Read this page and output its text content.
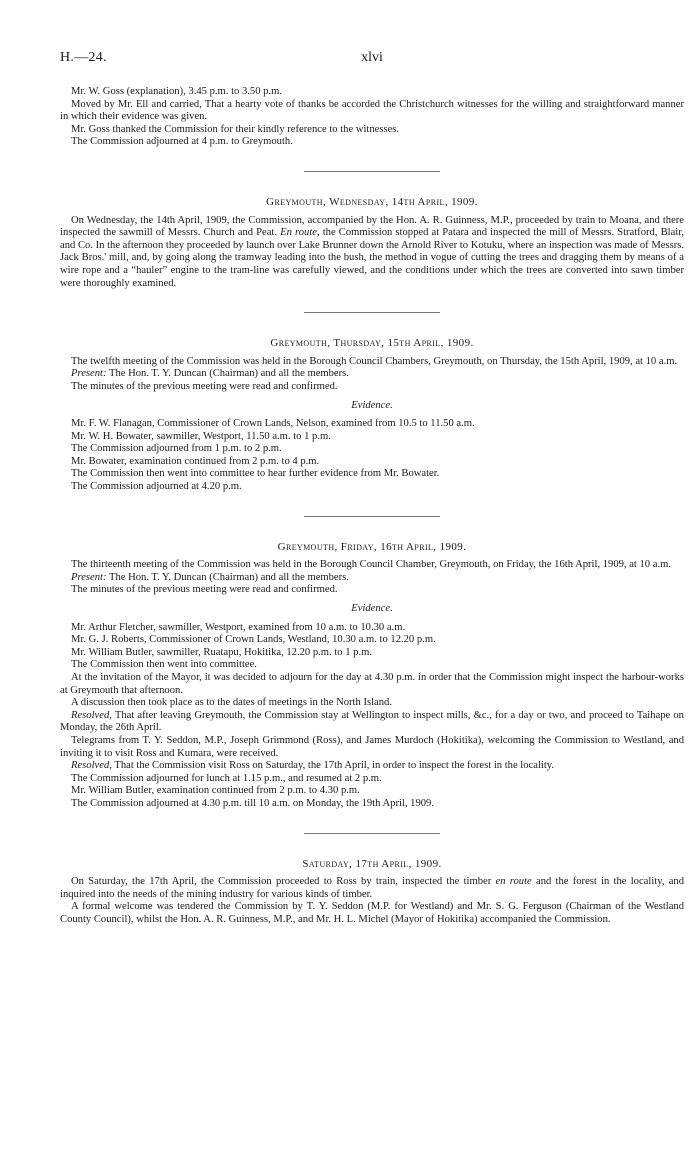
H.—24.	xlvi

Mr. W. Goss (explanation), 3.45 p.m. to 3.50 p.m.

Moved by Mr. Ell and carried, That a hearty vote of thanks be accorded the Christchurch witnesses for the willing and straightforward manner in which their evidence was given.

Mr. Goss thanked the Commission for their kindly reference to the witnesses.

The Commission adjourned at 4 p.m. to Greymouth.

Greymouth, Wednesday, 14th April, 1909.

On Wednesday, the 14th April, 1909, the Commission, accompanied by the Hon. A. R. Guinness, M.P., proceeded by train to Moana, and there inspected the sawmill of Messrs. Church and Peat. En route, the Commission stopped at Patara and inspected the mill of Messrs. Stratford, Blair, and Co. In the afternoon they proceeded by launch over Lake Brunner down the Arnold River to Kotuku, where an inspection was made of Messrs. Jack Bros.' mill, and, by going along the tramway leading into the bush, the method in vogue of cutting the trees and dragging them by means of a wire rope and a “hauler” engine to the tram-line was carefully viewed, and the conditions under which the trees are converted into sawn timber were thoroughly examined.

Greymouth, Thursday, 15th April, 1909.

The twelfth meeting of the Commission was held in the Borough Council Chambers, Greymouth, on Thursday, the 15th April, 1909, at 10 a.m.

Present: The Hon. T. Y. Duncan (Chairman) and all the members.

The minutes of the previous meeting were read and confirmed.

Evidence.

Mr. F. W. Flanagan, Commissioner of Crown Lands, Nelson, examined from 10.5 to 11.50 a.m.

Mr. W. H. Bowater, sawmiller, Westport, 11.50 a.m. to 1 p.m.

The Commission adjourned from 1 p.m. to 2 p.m.

Mr. Bowater, examination continued from 2 p.m. to 4 p.m.

The Commission then went into committee to hear further evidence from Mr. Bowater.

The Commission adjourned at 4.20 p.m.

Greymouth, Friday, 16th April, 1909.

The thirteenth meeting of the Commission was held in the Borough Council Chamber, Greymouth, on Friday, the 16th April, 1909, at 10 a.m.

Present: The Hon. T. Y. Duncan (Chairman) and all the members.

The minutes of the previous meeting were read and confirmed.

Evidence.

Mr. Arthur Fletcher, sawmiller, Westport, examined from 10 a.m. to 10.30 a.m.

Mr. G. J. Roberts, Commissioner of Crown Lands, Westland, 10.30 a.m. to 12.20 p.m.

Mr. William Butler, sawmiller, Ruatapu, Hokitika, 12.20 p.m. to 1 p.m.

The Commission then went into committee.

At the invitation of the Mayor, it was decided to adjourn for the day at 4.30 p.m. in order that the Commission might inspect the harbour-works at Greymouth that afternoon.

A discussion then took place as to the dates of meetings in the North Island.

Resolved, That after leaving Greymouth, the Commission stay at Wellington to inspect mills, &c., for a day or two, and proceed to Taihape on Monday, the 26th April.

Telegrams from T. Y. Seddon, M.P., Joseph Grimmond (Ross), and James Murdoch (Hokitika), welcoming the Commission to Westland, and inviting it to visit Ross and Kumara, were received.

Resolved, That the Commission visit Ross on Saturday, the 17th April, in order to inspect the forest in the locality.

The Commission adjourned for lunch at 1.15 p.m., and resumed at 2 p.m.

Mr. William Butler, examination continued from 2 p.m. to 4.30 p.m.

The Commission adjourned at 4.30 p.m. till 10 a.m. on Monday, the 19th April, 1909.

Saturday, 17th April, 1909.

On Saturday, the 17th April, the Commission proceeded to Ross by train, inspected the timber en route and the forest in the locality, and inquired into the needs of the mining industry for various kinds of timber.

A formal welcome was tendered the Commission by T. Y. Seddon (M.P. for Westland) and Mr. S. G. Ferguson (Chairman of the Westland County Council), whilst the Hon. A. R. Guinness, M.P., and Mr. H. L. Michel (Mayor of Hokitika) accompanied the Commission.
